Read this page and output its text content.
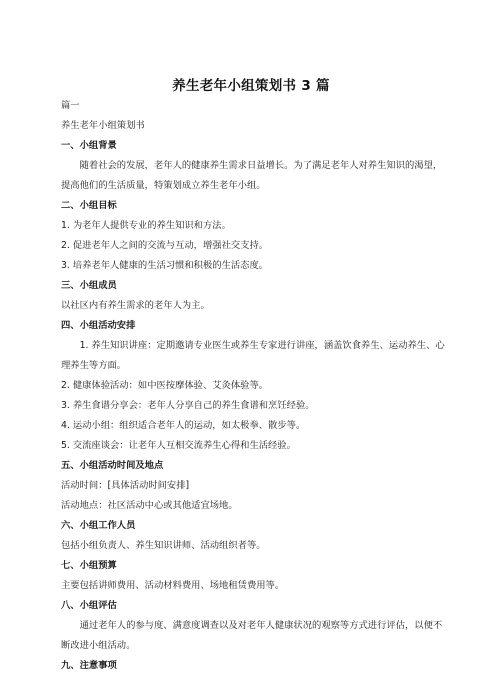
养生老年小组策划书 3 篇
篇一
养生老年小组策划书
一、小组背景
随着社会的发展，老年人的健康养生需求日益增长。为了满足老年人对养生知识的渴望，提高他们的生活质量，特策划成立养生老年小组。
二、小组目标
1. 为老年人提供专业的养生知识和方法。
2. 促进老年人之间的交流与互动，增强社交支持。
3. 培养老年人健康的生活习惯和积极的生活态度。
三、小组成员
以社区内有养生需求的老年人为主。
四、小组活动安排
1. 养生知识讲座：定期邀请专业医生或养生专家进行讲座，涵盖饮食养生、运动养生、心理养生等方面。
2. 健康体验活动：如中医按摩体验、艾灸体验等。
3. 养生食谱分享会：老年人分享自己的养生食谱和烹饪经验。
4. 运动小组：组织适合老年人的运动，如太极拳、散步等。
5. 交流座谈会：让老年人互相交流养生心得和生活经验。
五、小组活动时间及地点
活动时间：[具体活动时间安排]
活动地点：社区活动中心或其他适宜场地。
六、小组工作人员
包括小组负责人、养生知识讲师、活动组织者等。
七、小组预算
主要包括讲师费用、活动材料费用、场地租赁费用等。
八、小组评估
通过老年人的参与度、满意度调查以及对老年人健康状况的观察等方式进行评估，以便不断改进小组活动。
九、注意事项
